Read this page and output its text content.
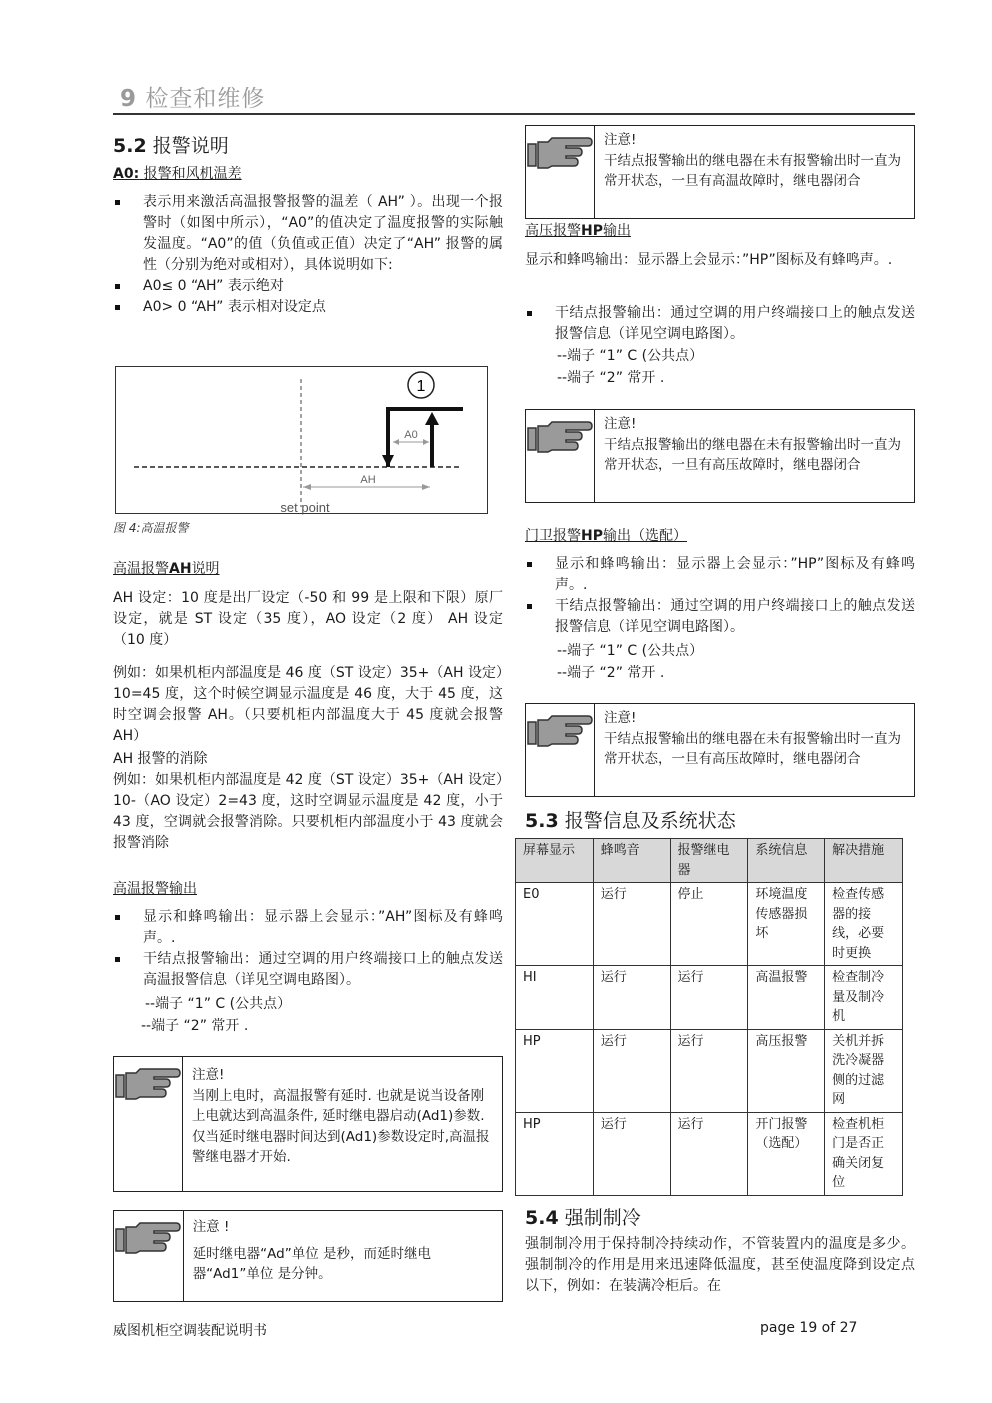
9 检查和维修
5.2 报警说明
A0: 报警和风机温差
表示用来激活高温报警报警的温差（ AH” ）。出现一个报警时（如图中所示），“A0”的值决定了温度报警的实际触发温度。“A0”的值（负值或正值）决定了“AH” 报警的属性（分别为绝对或相对），具体说明如下:
A0≤ 0 “AH” 表示绝对
A0> 0 “AH” 表示相对设定点
1
A0
AH
set point
图 4:高温报警
高温报警AH说明
AH 设定：10 度是出厂设定（-50 和 99 是上限和下限）原厂设定，就是 ST 设定（35 度），AO 设定（2 度） AH 设定（10 度）
例如：如果机柜内部温度是 46 度（ST 设定）35+（AH 设定）10=45 度，这个时候空调显示温度是 46 度，大于 45 度，这时空调会报警 AH。（只要机柜内部温度大于 45 度就会报警 AH）
AH 报警的消除
例如：如果机柜内部温度是 42 度（ST 设定）35+（AH 设定）10-（AO 设定）2=43 度，这时空调显示温度是 42 度，小于 43 度，空调就会报警消除。只要机柜内部温度小于 43 度就会报警消除
高温报警输出
显示和蜂鸣输出：显示器上会显示：”AH”图标及有蜂鸣声。.
干结点报警输出：通过空调的用户终端接口上的触点发送高温报警信息（详见空调电路图）。
--端子 “1” C (公共点）
--端子 “2” 常开 .
注意!
当刚上电时，高温报警有延时. 也就是说当设备刚上电就达到高温条件, 延时继电器启动(Ad1)参数. 仅当延时继电器时间达到(Ad1)参数设定时,高温报警继电器才开始.
注意 !
延时继电器“Ad”单位 是秒，而延时继电器“Ad1”单位 是分钟。
注意!
干结点报警输出的继电器在未有报警输出时一直为常开状态，一旦有高温故障时，继电器闭合
高压报警HP输出
显示和蜂鸣输出：显示器上会显示：”HP”图标及有蜂鸣声。.
干结点报警输出：通过空调的用户终端接口上的触点发送报警信息（详见空调电路图）。
--端子 “1” C (公共点）
--端子 “2” 常开 .
注意!
干结点报警输出的继电器在未有报警输出时一直为常开状态，一旦有高压故障时，继电器闭合
门卫报警HP输出（选配）
显示和蜂鸣输出：显示器上会显示：”HP”图标及有蜂鸣声。.
干结点报警输出：通过空调的用户终端接口上的触点发送报警信息（详见空调电路图）。
--端子 “1” C (公共点）
--端子 “2” 常开 .
注意!
干结点报警输出的继电器在未有报警输出时一直为常开状态，一旦有高压故障时，继电器闭合
5.3 报警信息及系统状态
屏幕显示	蜂鸣音	报警继电器	系统信息	解决措施
E0	运行	停止	环境温度传感器损坏	检查传感器的接线，必要时更换
HI	运行	运行	高温报警	检查制冷量及制冷机
HP	运行	运行	高压报警	关机并拆洗冷凝器侧的过滤网
HP	运行	运行	开门报警（选配）	检查机柜门是否正确关闭复位
5.4 强制制冷
强制制冷用于保持制冷持续动作，不管装置内的温度是多少。 强制制冷的作用是用来迅速降低温度，甚至使温度降到设定点以下，例如：在装满冷柜后。在
威图机柜空调装配说明书	page 19 of 27
